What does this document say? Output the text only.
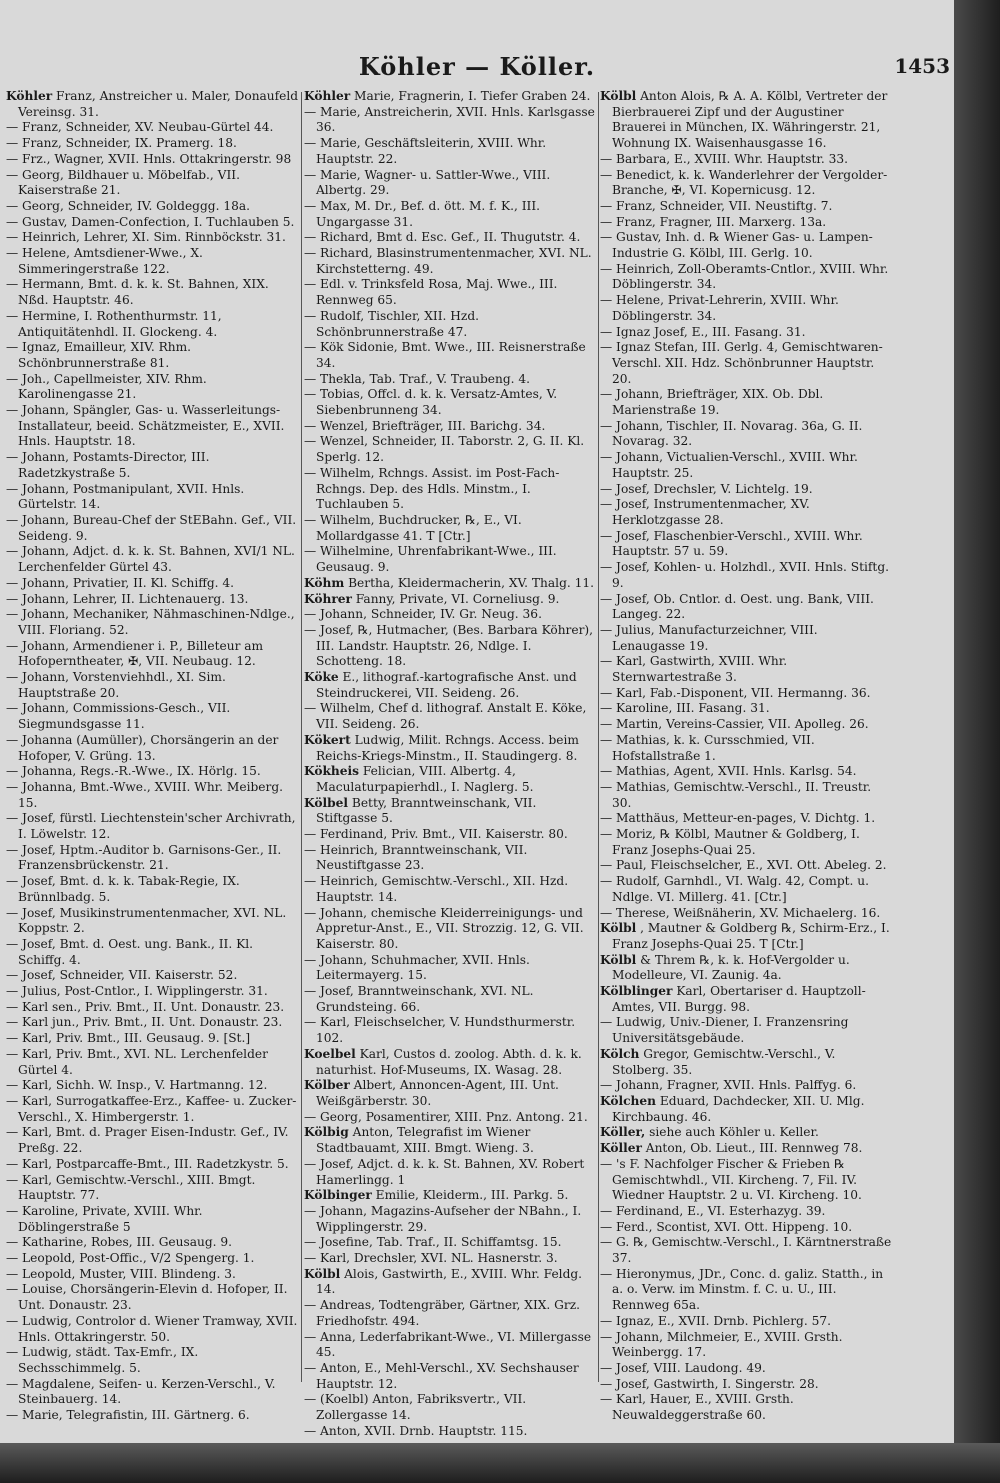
Köhler — Köller.	1453

Köhler Franz, Anstreicher u. Maler, Donaufeld Vereinsg. 31.

— Franz, Schneider, XV. Neubau-Gürtel 44.

— Franz, Schneider, IX. Pramerg. 18.

— Frz., Wagner, XVII. Hnls. Ottakringerstr. 98

— Georg, Bildhauer u. Möbelfab., VII. Kaiserstraße 21.

— Georg, Schneider, IV. Goldeggg. 18a.

— Gustav, Damen-Confection, I. Tuchlauben 5.

— Heinrich, Lehrer, XI. Sim. Rinnböckstr. 31.

— Helene, Amtsdiener-Wwe., X. Simmeringerstraße 122.

— Hermann, Bmt. d. k. k. St. Bahnen, XIX. Nßd. Hauptstr. 46.

— Hermine, I. Rothenthurmstr. 11, Antiquitätenhdl. II. Glockeng. 4.

— Ignaz, Emailleur, XIV. Rhm. Schönbrunnerstraße 81.

— Joh., Capellmeister, XIV. Rhm. Karolinengasse 21.

— Johann, Spängler, Gas- u. Wasserleitungs-Installateur, beeid. Schätzmeister, E., XVII. Hnls. Hauptstr. 18.

— Johann, Postamts-Director, III. Radetzkystraße 5.

— Johann, Postmanipulant, XVII. Hnls. Gürtelstr. 14.

— Johann, Bureau-Chef der StEBahn. Gef., VII. Seideng. 9.

— Johann, Adjct. d. k. k. St. Bahnen, XVI/1 NL. Lerchenfelder Gürtel 43.

— Johann, Privatier, II. Kl. Schiffg. 4.

— Johann, Lehrer, II. Lichtenauerg. 13.

— Johann, Mechaniker, Nähmaschinen-Ndlge., VIII. Floriang. 52.

— Johann, Armendiener i. P., Billeteur am Hofoperntheater, ✠, VII. Neubaug. 12.

— Johann, Vorstenviehhdl., XI. Sim. Hauptstraße 20.

— Johann, Commissions-Gesch., VII. Siegmundsgasse 11.

— Johanna (Aumüller), Chorsängerin an der Hofoper, V. Grüng. 13.

— Johanna, Regs.-R.-Wwe., IX. Hörlg. 15.

— Johanna, Bmt.-Wwe., XVIII. Whr. Meiberg. 15.

— Josef, fürstl. Liechtenstein'scher Archivrath, I. Löwelstr. 12.

— Josef, Hptm.-Auditor b. Garnisons-Ger., II. Franzensbrückenstr. 21.

— Josef, Bmt. d. k. k. Tabak-Regie, IX. Brünnlbadg. 5.

— Josef, Musikinstrumentenmacher, XVI. NL. Koppstr. 2.

— Josef, Bmt. d. Oest. ung. Bank., II. Kl. Schiffg. 4.

— Josef, Schneider, VII. Kaiserstr. 52.

— Julius, Post-Cntlor., I. Wipplingerstr. 31.

— Karl sen., Priv. Bmt., II. Unt. Donaustr. 23.

— Karl jun., Priv. Bmt., II. Unt. Donaustr. 23.

— Karl, Priv. Bmt., III. Geusaug. 9. [St.]

— Karl, Priv. Bmt., XVI. NL. Lerchenfelder Gürtel 4.

— Karl, Sichh. W. Insp., V. Hartmanng. 12.

— Karl, Surrogatkaffee-Erz., Kaffee- u. Zucker-Verschl., X. Himbergerstr. 1.

— Karl, Bmt. d. Prager Eisen-Industr. Gef., IV. Preßg. 22.

— Karl, Postparcaffe-Bmt., III. Radetzkystr. 5.

— Karl, Gemischtw.-Verschl., XIII. Bmgt. Hauptstr. 77.

— Karoline, Private, XVIII. Whr. Döblingerstraße 5

— Katharine, Robes, III. Geusaug. 9.

— Leopold, Post-Offic., V/2 Spengerg. 1.

— Leopold, Muster, VIII. Blindeng. 3.

— Louise, Chorsängerin-Elevin d. Hofoper, II. Unt. Donaustr. 23.

— Ludwig, Controlor d. Wiener Tramway, XVII. Hnls. Ottakringerstr. 50.

— Ludwig, städt. Tax-Emfr., IX. Sechsschimmelg. 5.

— Magdalene, Seifen- u. Kerzen-Verschl., V. Steinbauerg. 14.

— Marie, Telegrafistin, III. Gärtnerg. 6.

Köhler Marie, Fragnerin, I. Tiefer Graben 24.

— Marie, Anstreicherin, XVII. Hnls. Karlsgasse 36.

— Marie, Geschäftsleiterin, XVIII. Whr. Hauptstr. 22.

— Marie, Wagner- u. Sattler-Wwe., VIII. Albertg. 29.

— Max, M. Dr., Bef. d. ött. M. f. K., III. Ungargasse 31.

— Richard, Bmt d. Esc. Gef., II. Thugutstr. 4.

— Richard, Blasinstrumentenmacher, XVI. NL. Kirchstetterng. 49.

— Edl. v. Trinksfeld Rosa, Maj. Wwe., III. Rennweg 65.

— Rudolf, Tischler, XII. Hzd. Schönbrunnerstraße 47.

— Kök Sidonie, Bmt. Wwe., III. Reisnerstraße 34.

— Thekla, Tab. Traf., V. Traubeng. 4.

— Tobias, Offcl. d. k. k. Versatz-Amtes, V. Siebenbrunneng 34.

— Wenzel, Briefträger, III. Barichg. 34.

— Wenzel, Schneider, II. Taborstr. 2, G. II. Kl. Sperlg. 12.

— Wilhelm, Rchngs. Assist. im Post-Fach-Rchngs. Dep. des Hdls. Minstm., I. Tuchlauben 5.

— Wilhelm, Buchdrucker, ℞, E., VI. Mollardgasse 41. T [Ctr.]

— Wilhelmine, Uhrenfabrikant-Wwe., III. Geusaug. 9.

Köhm Bertha, Kleidermacherin, XV. Thalg. 11.

Köhrer Fanny, Private, VI. Corneliusg. 9.

— Johann, Schneider, IV. Gr. Neug. 36.

— Josef, ℞, Hutmacher, (Bes. Barbara Köhrer), III. Landstr. Hauptstr. 26, Ndlge. I. Schotteng. 18.

Köke E., lithograf.-kartografische Anst. und Steindruckerei, VII. Seideng. 26.

— Wilhelm, Chef d. lithograf. Anstalt E. Köke, VII. Seideng. 26.

Kökert Ludwig, Milit. Rchngs. Access. beim Reichs-Kriegs-Minstm., II. Staudingerg. 8.

Kökheis Felician, VIII. Albertg. 4, Maculaturpapierhdl., I. Naglerg. 5.

Kölbel Betty, Branntweinschank, VII. Stiftgasse 5.

— Ferdinand, Priv. Bmt., VII. Kaiserstr. 80.

— Heinrich, Branntweinschank, VII. Neustiftgasse 23.

— Heinrich, Gemischtw.-Verschl., XII. Hzd. Hauptstr. 14.

— Johann, chemische Kleiderreinigungs- und Appretur-Anst., E., VII. Strozzig. 12, G. VII. Kaiserstr. 80.

— Johann, Schuhmacher, XVII. Hnls. Leitermayerg. 15.

— Josef, Branntweinschank, XVI. NL. Grundsteing. 66.

— Karl, Fleischselcher, V. Hundsthurmerstr. 102.

Koelbel Karl, Custos d. zoolog. Abth. d. k. k. naturhist. Hof-Museums, IX. Wasag. 28.

Kölber Albert, Annoncen-Agent, III. Unt. Weißgärberstr. 30.

— Georg, Posamentirer, XIII. Pnz. Antong. 21.

Kölbig Anton, Telegrafist im Wiener Stadtbauamt, XIII. Bmgt. Wieng. 3.

— Josef, Adjct. d. k. k. St. Bahnen, XV. Robert Hamerlingg. 1

Kölbinger Emilie, Kleiderm., III. Parkg. 5.

— Johann, Magazins-Aufseher der NBahn., I. Wipplingerstr. 29.

— Josefine, Tab. Traf., II. Schiffamtsg. 15.

— Karl, Drechsler, XVI. NL. Hasnerstr. 3.

Kölbl Alois, Gastwirth, E., XVIII. Whr. Feldg. 14.

— Andreas, Todtengräber, Gärtner, XIX. Grz. Friedhofstr. 494.

— Anna, Lederfabrikant-Wwe., VI. Millergasse 45.

— Anton, E., Mehl-Verschl., XV. Sechshauser Hauptstr. 12.

— (Koelbl) Anton, Fabriksvertr., VII. Zollergasse 14.

— Anton, XVII. Drnb. Hauptstr. 115.

Kölbl Anton Alois, ℞ A. A. Kölbl, Vertreter der Bierbrauerei Zipf und der Augustiner Brauerei in München, IX. Währingerstr. 21, Wohnung IX. Waisenhausgasse 16.

— Barbara, E., XVIII. Whr. Hauptstr. 33.

— Benedict, k. k. Wanderlehrer der Vergolder-Branche, ✠, VI. Kopernicusg. 12.

— Franz, Schneider, VII. Neustiftg. 7.

— Franz, Fragner, III. Marxerg. 13a.

— Gustav, Inh. d. ℞ Wiener Gas- u. Lampen-Industrie G. Kölbl, III. Gerlg. 10.

— Heinrich, Zoll-Oberamts-Cntlor., XVIII. Whr. Döblingerstr. 34.

— Helene, Privat-Lehrerin, XVIII. Whr. Döblingerstr. 34.

— Ignaz Josef, E., III. Fasang. 31.

— Ignaz Stefan, III. Gerlg. 4, Gemischtwaren-Verschl. XII. Hdz. Schönbrunner Hauptstr. 20.

— Johann, Briefträger, XIX. Ob. Dbl. Marienstraße 19.

— Johann, Tischler, II. Novarag. 36a, G. II. Novarag. 32.

— Johann, Victualien-Verschl., XVIII. Whr. Hauptstr. 25.

— Josef, Drechsler, V. Lichtelg. 19.

— Josef, Instrumentenmacher, XV. Herklotzgasse 28.

— Josef, Flaschenbier-Verschl., XVIII. Whr. Hauptstr. 57 u. 59.

— Josef, Kohlen- u. Holzhdl., XVII. Hnls. Stiftg. 9.

— Josef, Ob. Cntlor. d. Oest. ung. Bank, VIII. Langeg. 22.

— Julius, Manufacturzeichner, VIII. Lenaugasse 19.

— Karl, Gastwirth, XVIII. Whr. Sternwartestraße 3.

— Karl, Fab.-Disponent, VII. Hermanng. 36.

— Karoline, III. Fasang. 31.

— Martin, Vereins-Cassier, VII. Apolleg. 26.

— Mathias, k. k. Cursschmied, VII. Hofstallstraße 1.

— Mathias, Agent, XVII. Hnls. Karlsg. 54.

— Mathias, Gemischtw.-Verschl., II. Treustr. 30.

— Matthäus, Metteur-en-pages, V. Dichtg. 1.

— Moriz, ℞ Kölbl, Mautner & Goldberg, I. Franz Josephs-Quai 25.

— Paul, Fleischselcher, E., XVI. Ott. Abeleg. 2.

— Rudolf, Garnhdl., VI. Walg. 42, Compt. u. Ndlge. VI. Millerg. 41. [Ctr.]

— Therese, Weißnäherin, XV. Michaelerg. 16.

Kölbl , Mautner & Goldberg ℞, Schirm-Erz., I. Franz Josephs-Quai 25. T [Ctr.]

Kölbl & Threm ℞, k. k. Hof-Vergolder u. Modelleure, VI. Zaunig. 4a.

Kölblinger Karl, Obertariser d. Hauptzoll-Amtes, VII. Burgg. 98.

— Ludwig, Univ.-Diener, I. Franzensring Universitätsgebäude.

Kölch Gregor, Gemischtw.-Verschl., V. Stolberg. 35.

— Johann, Fragner, XVII. Hnls. Palffyg. 6.

Kölchen Eduard, Dachdecker, XII. U. Mlg. Kirchbaung. 46.

Köller, siehe auch Köhler u. Keller.

Köller Anton, Ob. Lieut., III. Rennweg 78.

— 's F. Nachfolger Fischer & Frieben ℞ Gemischtwhdl., VII. Kircheng. 7, Fil. IV. Wiedner Hauptstr. 2 u. VI. Kircheng. 10.

— Ferdinand, E., VI. Esterhazyg. 39.

— Ferd., Scontist, XVI. Ott. Hippeng. 10.

— G. ℞, Gemischtw.-Verschl., I. Kärntnerstraße 37.

— Hieronymus, JDr., Conc. d. galiz. Statth., in a. o. Verw. im Minstm. f. C. u. U., III. Rennweg 65a.

— Ignaz, E., XVII. Drnb. Pichlerg. 57.

— Johann, Milchmeier, E., XVIII. Grsth. Weinbergg. 17.

— Josef, VIII. Laudong. 49.

— Josef, Gastwirth, I. Singerstr. 28.

— Karl, Hauer, E., XVIII. Grsth. Neuwaldeggerstraße 60.
